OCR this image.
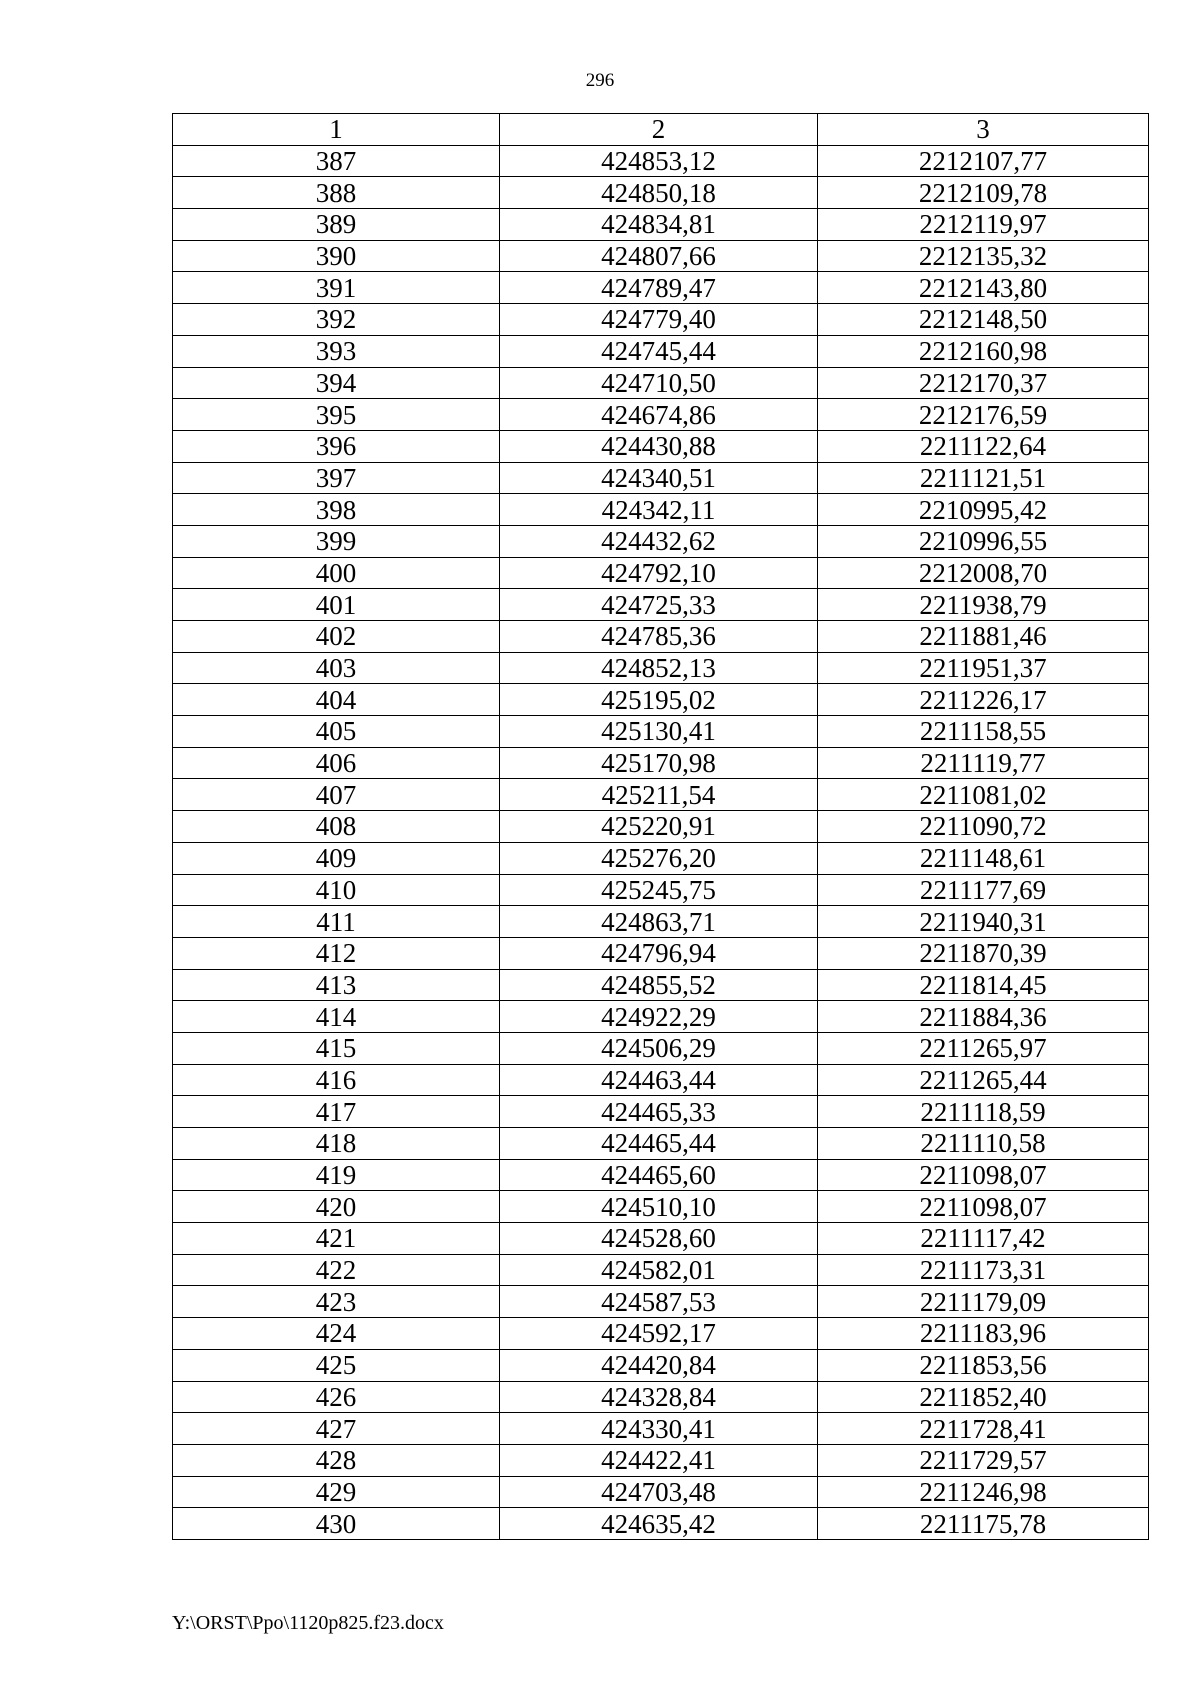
296
1	2	3
387	424853,12	2212107,77
388	424850,18	2212109,78
389	424834,81	2212119,97
390	424807,66	2212135,32
391	424789,47	2212143,80
392	424779,40	2212148,50
393	424745,44	2212160,98
394	424710,50	2212170,37
395	424674,86	2212176,59
396	424430,88	2211122,64
397	424340,51	2211121,51
398	424342,11	2210995,42
399	424432,62	2210996,55
400	424792,10	2212008,70
401	424725,33	2211938,79
402	424785,36	2211881,46
403	424852,13	2211951,37
404	425195,02	2211226,17
405	425130,41	2211158,55
406	425170,98	2211119,77
407	425211,54	2211081,02
408	425220,91	2211090,72
409	425276,20	2211148,61
410	425245,75	2211177,69
411	424863,71	2211940,31
412	424796,94	2211870,39
413	424855,52	2211814,45
414	424922,29	2211884,36
415	424506,29	2211265,97
416	424463,44	2211265,44
417	424465,33	2211118,59
418	424465,44	2211110,58
419	424465,60	2211098,07
420	424510,10	2211098,07
421	424528,60	2211117,42
422	424582,01	2211173,31
423	424587,53	2211179,09
424	424592,17	2211183,96
425	424420,84	2211853,56
426	424328,84	2211852,40
427	424330,41	2211728,41
428	424422,41	2211729,57
429	424703,48	2211246,98
430	424635,42	2211175,78
Y:\ORST\Ppo\1120p825.f23.docx
